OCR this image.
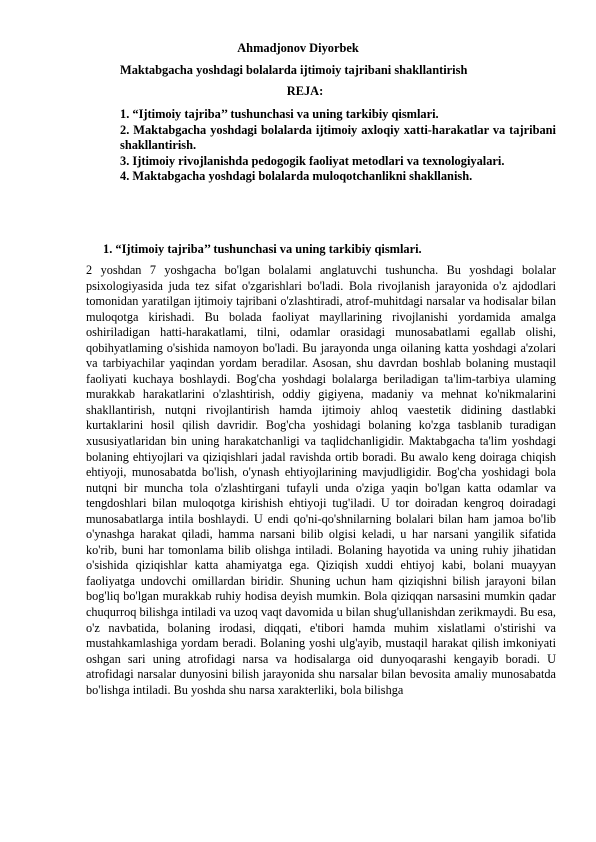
Ahmadjonov Diyorbek
Maktabgacha yoshdagi bolalarda ijtimoiy tajribani shakllantirish
REJA:

1. “Ijtimoiy tajriba’’ tushunchasi va uning tarkibiy qismlari.

2. Maktabgacha yoshdagi bolalarda ijtimoiy axloqiy xatti-harakatlar va tajribani shakllantirish.

3. Ijtimoiy rivojlanishda pedogogik faoliyat metodlari va texnologiyalari.

4. Maktabgacha yoshdagi bolalarda muloqotchanlikni shakllanish.

1. “Ijtimoiy tajriba’’ tushunchasi va uning tarkibiy qismlari.

2 yoshdan 7 yoshgacha bo'lgan bolalami anglatuvchi tushuncha. Bu yoshdagi bolalar psixologiyasida juda tez sifat o'zgarishlari bo'ladi. Bola rivojlanish jarayonida o'z ajdodlari tomonidan yaratilgan ijtimoiy tajribani o'zlashtiradi, atrof-muhitdagi narsalar va hodisalar bilan muloqotga kirishadi. Bu bolada faoliyat mayllarining rivojlanishi yordamida amalga oshiriladigan hatti-harakatlami, tilni, odamlar orasidagi munosabatlami egallab olishi, qobihyatlaming o'sishida namoyon bo'ladi. Bu jarayonda unga oilaning katta yoshdagi a'zolari va tarbiyachilar yaqindan yordam beradilar. Asosan, shu davrdan boshlab bolaning mustaqil faoliyati kuchaya boshlaydi. Bog'cha yoshdagi bolalarga beriladigan ta'lim-tarbiya ulaming murakkab harakatlarini o'zlashtirish, oddiy gigiyena, madaniy va mehnat ko'nikmalarini shakllantirish, nutqni rivojlantirish hamda ijtimoiy ahloq vaestetik didining dastlabki kurtaklarini hosil qilish davridir. Bog'cha yoshidagi bolaning ko'zga tasblanib turadigan xususiyatlaridan bin uning harakatchanligi va taqlidchanligidir. Maktabgacha ta'lim yoshdagi bolaning ehtiyojlari va qiziqishlari jadal ravishda ortib boradi. Bu awalo keng doiraga chiqish ehtiyoji, munosabatda bo'lish, o'ynash ehtiyojlarining mavjudligidir. Bog'cha yoshidagi bola nutqni bir muncha tola o'zlashtirgani tufayli unda o'ziga yaqin bo'lgan katta odamlar va tengdoshlari bilan muloqotga kirishish ehtiyoji tug'iladi. U tor doiradan kengroq doiradagi munosabatlarga intila boshlaydi. U endi qo'ni-qo'shnilarning bolalari bilan ham jamoa bo'lib o'ynashga harakat qiladi, hamma narsani bilib olgisi keladi, u har narsani yangilik sifatida ko'rib, buni har tomonlama bilib olishga intiladi. Bolaning hayotida va uning ruhiy jihatidan o'sishida qiziqishlar katta ahamiyatga ega. Qiziqish xuddi ehtiyoj kabi, bolani muayyan faoliyatga undovchi omillardan biridir. Shuning uchun ham qiziqishni bilish jarayoni bilan bog'liq bo'lgan murakkab ruhiy hodisa deyish mumkin. Bola qiziqqan narsasini mumkin qadar chuqurroq bilishga intiladi va uzoq vaqt davomida u bilan shug'ullanishdan zerikmaydi. Bu esa, o'z navbatida, bolaning irodasi, diqqati, e'tibori hamda muhim xislatlami o'stirishi va mustahkamlashiga yordam beradi. Bolaning yoshi ulg'ayib, mustaqil harakat qilish imkoniyati oshgan sari uning atrofidagi narsa va hodisalarga oid dunyoqarashi kengayib boradi. U atrofidagi narsalar dunyosini bilish jarayonida shu narsalar bilan bevosita amaliy munosabatda bo'lishga intiladi. Bu yoshda shu narsa xarakterliki, bola bilishga
